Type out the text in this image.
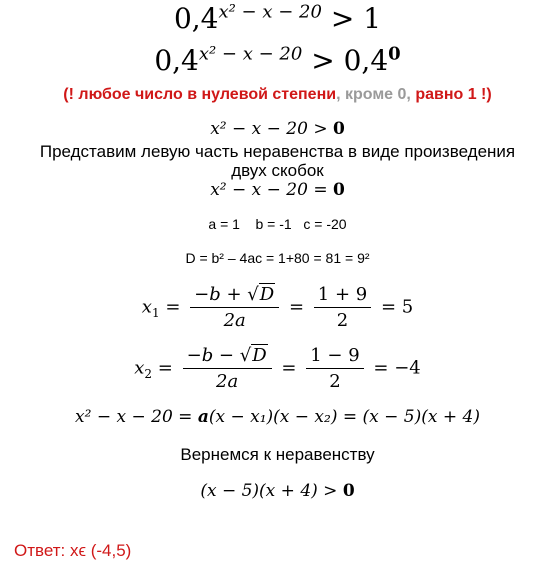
$0,4^{x^2 - x - 20} > 1$
$0,4^{x^2 - x - 20} > 0,4^0$
(! любое число в нулевой степени, кроме 0, равно 1 !)
x² − x − 20 > 0
Представим левую часть неравенства в виде произведения
двух скобок
x² − x − 20 = 0
a = 1 b = -1 c = -20
D = b² – 4ac = 1+80 = 81 = 9²
$x_1 = \frac{-b + √D}{2a} = \frac{1 + 9}{2} = 5$
$x_2 = \frac{-b - √D}{2a} = \frac{1 - 9}{2} = -4$
x² − x − 20 = a(x − x₁)(x − x₂) = (x − 5)(x + 4)
Вернемся к неравенству
(x − 5)(x + 4) > 0
Ответ: xϵ (-4,5)
